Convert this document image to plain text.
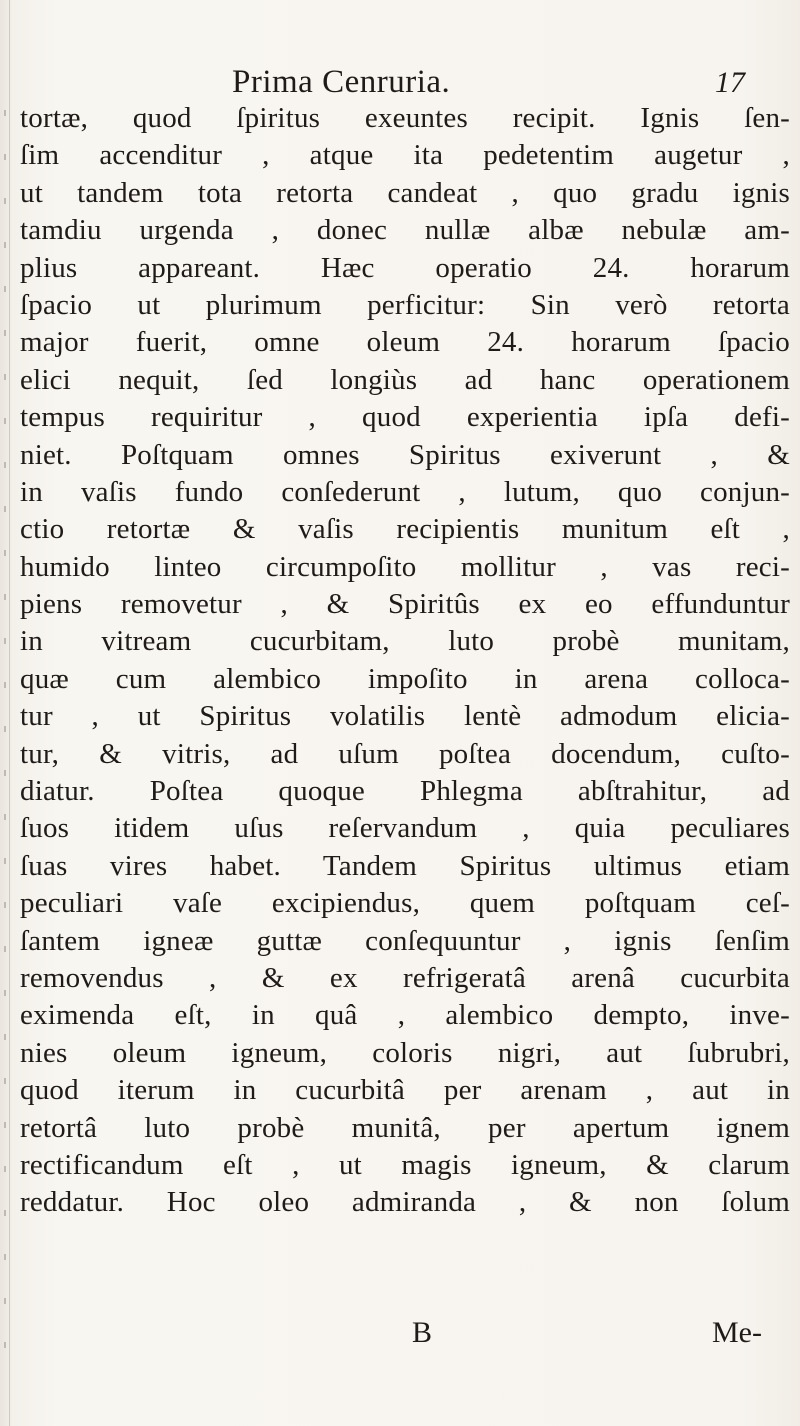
Prima Cenruria.	17
tortæ, quod ſpiritus exeuntes recipit. Ignis ſen-
ſim accenditur , atque ita pedetentim augetur ,
ut tandem tota retorta candeat , quo gradu ignis
tamdiu urgenda , donec nullæ albæ nebulæ am-
plius appareant. Hæc operatio 24. horarum
ſpacio ut plurimum perficitur: Sin verò retorta
major fuerit, omne oleum 24. horarum ſpacio
elici nequit, ſed longiùs ad hanc operationem
tempus requiritur , quod experientia ipſa defi-
niet. Poſtquam omnes Spiritus exiverunt , &
in vaſis fundo conſederunt , lutum, quo conjun-
ctio retortæ & vaſis recipientis munitum eſt ,
humido linteo circumpoſito mollitur , vas reci-
piens removetur , & Spiritûs ex eo effunduntur
in vitream cucurbitam, luto probè munitam,
quæ cum alembico impoſito in arena colloca-
tur , ut Spiritus volatilis lentè admodum elicia-
tur, & vitris, ad uſum poſtea docendum, cuſto-
diatur. Poſtea quoque Phlegma abſtrahitur, ad
ſuos itidem uſus reſervandum , quia peculiares
ſuas vires habet. Tandem Spiritus ultimus etiam
peculiari vaſe excipiendus, quem poſtquam ceſ-
ſantem igneæ guttæ conſequuntur , ignis ſenſim
removendus , & ex refrigeratâ arenâ cucurbita
eximenda eſt, in quâ , alembico dempto, inve-
nies oleum igneum, coloris nigri, aut ſubrubri,
quod iterum in cucurbitâ per arenam , aut in
retortâ luto probè munitâ, per apertum ignem
rectificandum eſt , ut magis igneum, & clarum
reddatur. Hoc oleo admiranda , & non ſolum
B	Me-
